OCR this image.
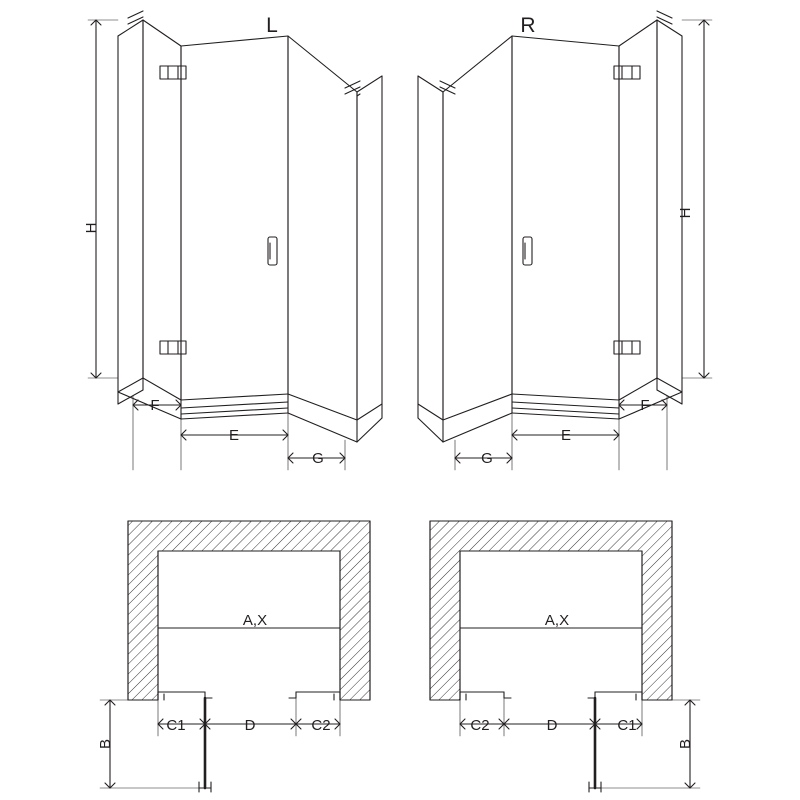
L	R
H
H
F
E
G	G
E
F
A,X
C1	D	C2
B
A,X
C2	D	C1
B
